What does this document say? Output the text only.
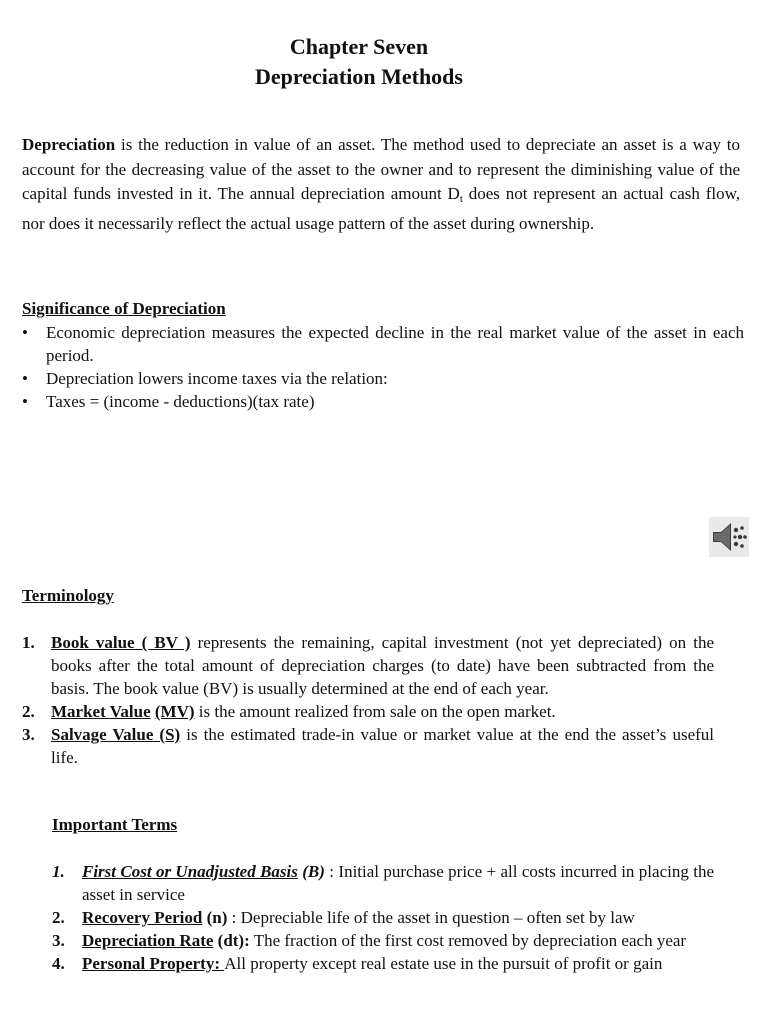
Chapter Seven
Depreciation Methods

Depreciation is the reduction in value of an asset. The method used to depreciate an asset is a way to account for the decreasing value of the asset to the owner and to represent the diminishing value of the capital funds invested in it. The annual depreciation amount $D_t$ does not represent an actual cash flow, nor does it necessarily reflect the actual usage pattern of the asset during ownership.

Significance of Depreciation
• Economic depreciation measures the expected decline in the real market value of the asset in each period.
• Depreciation lowers income taxes via the relation:
• Taxes = (income - deductions)(tax rate)
Terminology
1. Book value ( BV ) represents the remaining, capital investment (not yet depreciated) on the books after the total amount of depreciation charges (to date) have been subtracted from the basis. The book value (BV) is usually determined at the end of each year.
2. Market Value (MV) is the amount realized from sale on the open market.
3. Salvage Value (S) is the estimated trade-in value or market value at the end the asset’s useful life.
Important Terms
1. First Cost or Unadjusted Basis (B) : Initial purchase price + all costs incurred in placing the asset in service
2. Recovery Period (n) : Depreciable life of the asset in question – often set by law
3. Depreciation Rate (dt): The fraction of the first cost removed by depreciation each year
4. Personal Property: All property except real estate use in the pursuit of profit or gain
